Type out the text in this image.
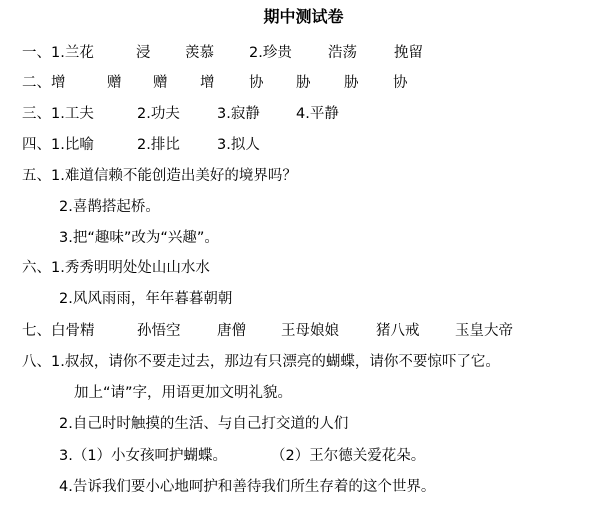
期中测试卷
一、1.兰花	浸 羡慕 2.珍贵 浩荡	挽留
二、增	赠 赠 增 协 胁 胁 协
三、1.工夫	2.功夫	3.寂静 4.平静
四、1.比喻	2.排比	3.拟人
五、1.难道信赖不能创造出美好的境界吗？
2.喜鹊搭起桥。
3.把“趣味”改为“兴趣”。
六、1.秀秀明明处处山山水水
2.风风雨雨，年年暮暮朝朝
七、白骨精	孙悟空	唐僧 王母娘娘	猪八戒 玉皇大帝
八、1.叔叔，请你不要走过去，那边有只漂亮的蝴蝶，请你不要惊吓了它。
加上“请”字，用语更加文明礼貌。
2.自己时时触摸的生活、与自己打交道的人们
3.（1）小女孩呵护蝴蝶。	（2）王尔德关爱花朵。
4.告诉我们要小心地呵护和善待我们所生存着的这个世界。
